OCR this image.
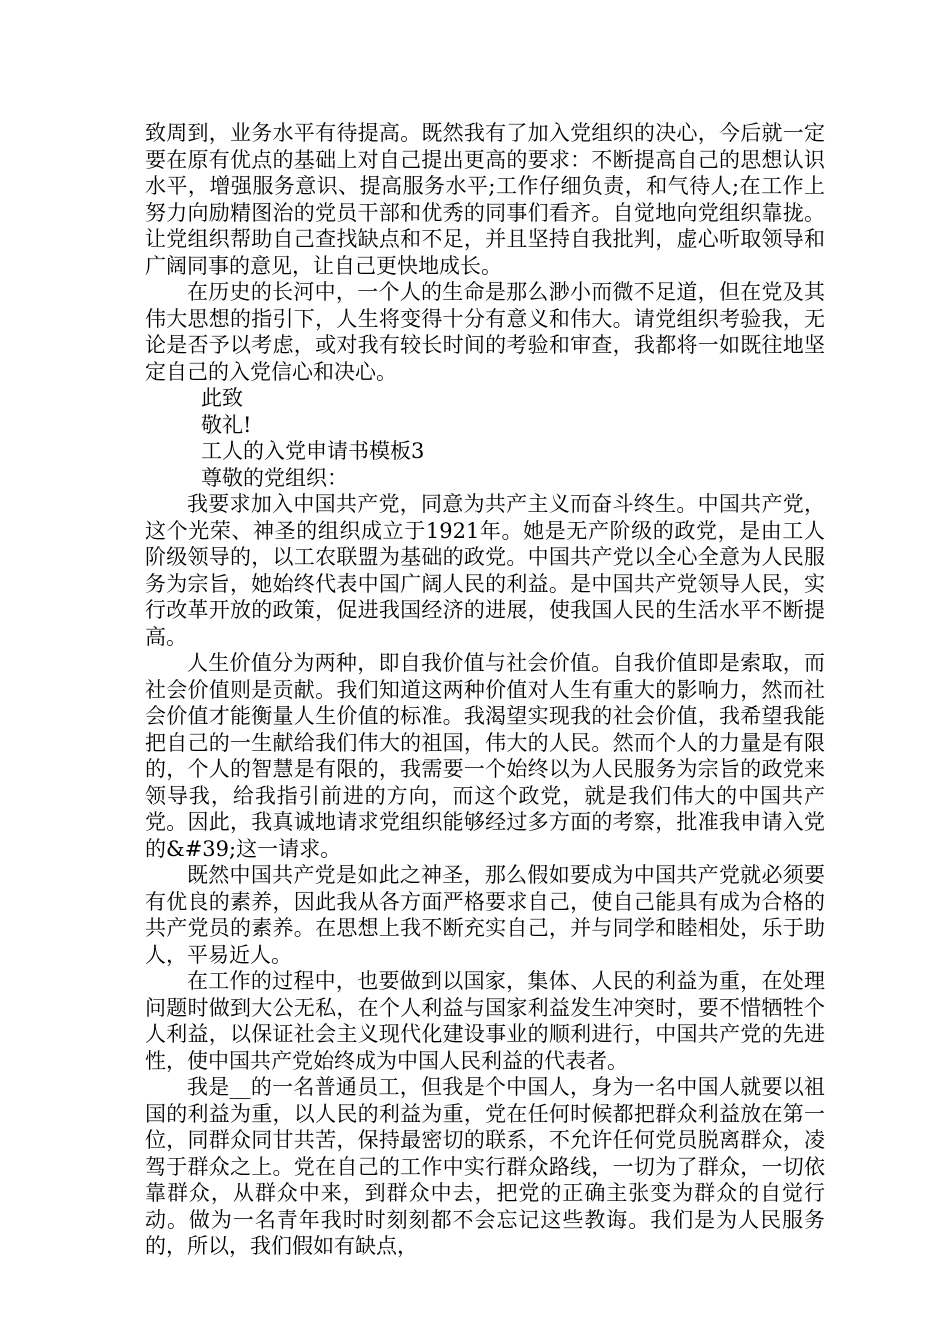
致周到，业务水平有待提高。既然我有了加入党组织的决心，今后就一定要在原有优点的基础上对自己提出更高的要求：不断提高自己的思想认识水平，增强服务意识、提高服务水平;工作仔细负责，和气待人;在工作上努力向励精图治的党员干部和优秀的同事们看齐。自觉地向党组织靠拢。让党组织帮助自己查找缺点和不足，并且坚持自我批判，虚心听取领导和广阔同事的意见，让自己更快地成长。

在历史的长河中，一个人的生命是那么渺小而微不足道，但在党及其伟大思想的指引下，人生将变得十分有意义和伟大。请党组织考验我，无论是否予以考虑，或对我有较长时间的考验和审查，我都将一如既往地坚定自己的入党信心和决心。

此致

敬礼!

工人的入党申请书模板3

尊敬的党组织：

我要求加入中国共产党，同意为共产主义而奋斗终生。中国共产党，这个光荣、神圣的组织成立于1921年。她是无产阶级的政党，是由工人阶级领导的，以工农联盟为基础的政党。中国共产党以全心全意为人民服务为宗旨，她始终代表中国广阔人民的利益。是中国共产党领导人民，实行改革开放的政策，促进我国经济的进展，使我国人民的生活水平不断提高。

人生价值分为两种，即自我价值与社会价值。自我价值即是索取，而社会价值则是贡献。我们知道这两种价值对人生有重大的影响力，然而社会价值才能衡量人生价值的标准。我渴望实现我的社会价值，我希望我能把自己的一生献给我们伟大的祖国，伟大的人民。然而个人的力量是有限的，个人的智慧是有限的，我需要一个始终以为人民服务为宗旨的政党来领导我，给我指引前进的方向，而这个政党，就是我们伟大的中国共产党。因此，我真诚地请求党组织能够经过多方面的考察，批准我申请入党的&#39;这一请求。

既然中国共产党是如此之神圣，那么假如要成为中国共产党就必须要有优良的素养，因此我从各方面严格要求自己，使自己能具有成为合格的共产党员的素养。在思想上我不断充实自己，并与同学和睦相处，乐于助人，平易近人。

在工作的过程中，也要做到以国家，集体、人民的利益为重，在处理问题时做到大公无私，在个人利益与国家利益发生冲突时，要不惜牺牲个人利益，以保证社会主义现代化建设事业的顺利进行，中国共产党的先进性，使中国共产党始终成为中国人民利益的代表者。

我是__的一名普通员工，但我是个中国人，身为一名中国人就要以祖国的利益为重，以人民的利益为重，党在任何时候都把群众利益放在第一位，同群众同甘共苦，保持最密切的联系，不允许任何党员脱离群众，凌驾于群众之上。党在自己的工作中实行群众路线，一切为了群众，一切依靠群众，从群众中来，到群众中去，把党的正确主张变为群众的自觉行动。做为一名青年我时时刻刻都不会忘记这些教诲。我们是为人民服务的，所以，我们假如有缺点，
